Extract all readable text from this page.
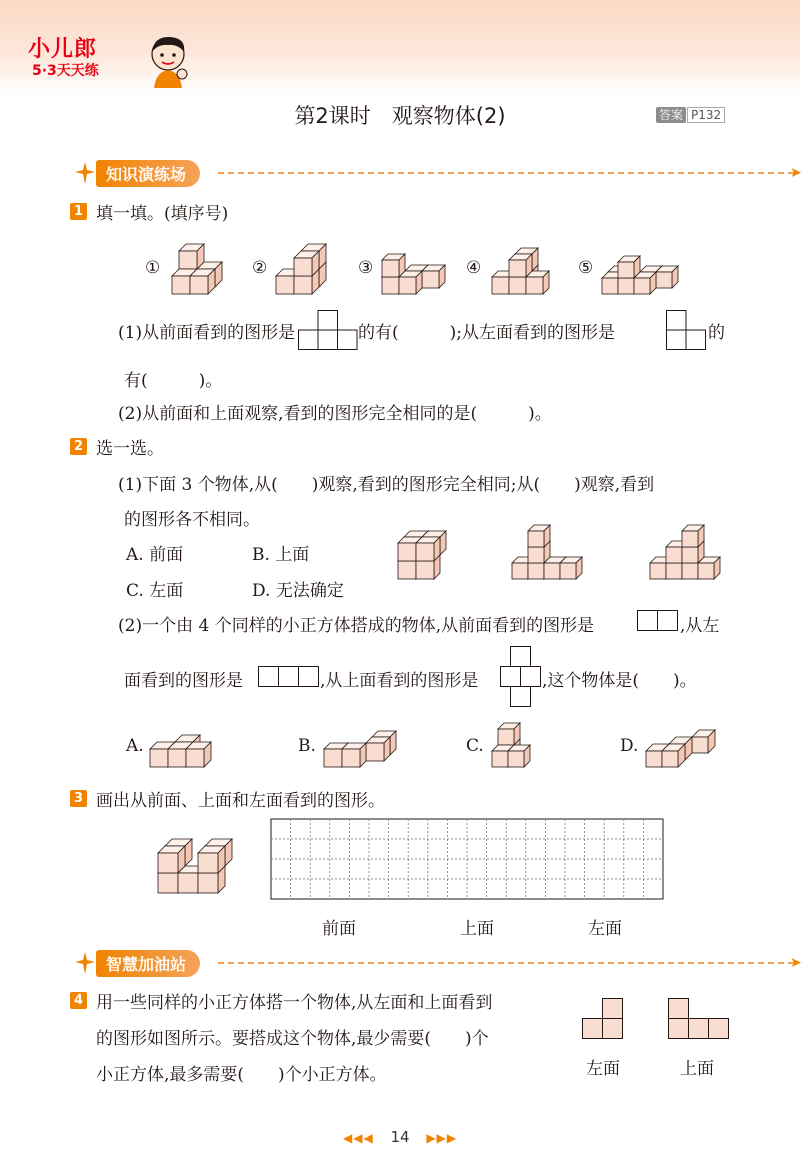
小儿郎
5·3天天练
第2课时　观察物体(2)	答案 P132
知识演练场	➤
1 填一填。(填序号)
①	②	③	④	⑤
(1)从前面看到的图形是	的有(　　　);从左面看到的图形是	的
有(　　　)。
(2)从前面和上面观察,看到的图形完全相同的是(　　　)。
2 选一选。
(1)下面 3 个物体,从(　　)观察,看到的图形完全相同;从(　　)观察,看到
的图形各不相同。
A. 前面	B. 上面
C. 左面	D. 无法确定
(2)一个由 4 个同样的小正方体搭成的物体,从前面看到的图形是	,从左
面看到的图形是	,从上面看到的图形是	,这个物体是(　　)。
A.	B.	C.	D.
3 画出从前面、上面和左面看到的图形。
前面	上面	左面
智慧加油站	➤
4 用一些同样的小正方体搭一个物体,从左面和上面看到
的图形如图所示。要搭成这个物体,最少需要(　　)个
小正方体,最多需要(　　)个小正方体。	左面	上面
◀◀◀ 14 ▶▶▶
